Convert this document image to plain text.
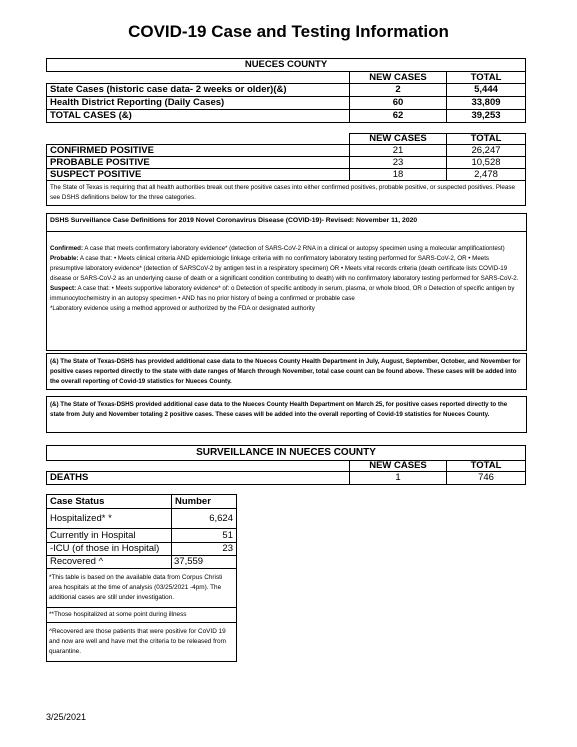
COVID-19 Case and Testing Information
NUECES COUNTY		
	NEW CASES	TOTAL
State Cases (historic case data- 2 weeks or older)(&)	2	5,444
Health District Reporting (Daily Cases)	60	33,809
TOTAL CASES (&)	62	39,253
	NEW CASES	TOTAL
CONFIRMED POSITIVE	21	26,247
PROBABLE POSITIVE	23	10,528
SUSPECT POSITIVE	18	2,478
The State of Texas is requiring that all health authorities break out there positive cases into either confirmed positives, probable positive, or suspected positives. Please see DSHS definitions below for the three categories.		
DSHS Surveillance Case Definitions for 2019 Novel Coronavirus Disease (COVID-19)- Revised: November 11, 2020
Confirmed: A case that meets confirmatory laboratory evidence* (detection of SARS-CoV-2 RNA in a clinical or autopsy specimen using a molecular amplificationtest)
Probable: A case that: • Meets clinical criteria AND epidemiologic linkage criteria with no confirmatory laboratory testing performed for SARS-CoV-2, OR • Meets presumptive laboratory evidence* (detection of SARSCoV-2 by antigen test in a respiratory specimen) OR • Meets vital records criteria (death certificate lists COVID-19 disease or SARS-CoV-2 as an underlying cause of death or a significant condition contributing to death) with no confirmatory laboratory testing performed for SARS-CoV-2.
Suspect: A case that: • Meets supportive laboratory evidence* of: o Detection of specific antibody in serum, plasma, or whole blood, OR o Detection of specific antigen by immunocytochemistry in an autopsy specimen • AND has no prior history of being a confirmed or probable case
*Laboratory evidence using a method approved or authorized by the FDA or designated authority
(&) The State of Texas-DSHS has provided additional case data to the Nueces County Health Department in July, August, September, October, and November for positive cases reported directly to the state with date ranges of March through November, total case count can be found above. These cases will be added into the overall reporting of Covid-19 statistics for Nueces County.
(&) The State of Texas-DSHS provided additional case data to the Nueces County Health Department on March 25, for positive cases reported directly to the state from July and November totaling 2 positive cases. These cases will be added into the overall reporting of Covid-19 statistics for Nueces County.
SURVEILLANCE IN NUECES COUNTY		
	NEW CASES	TOTAL
DEATHS	1	746
Case Status	Number
Hospitalized* *	6,624
Currently in Hospital	51
-ICU (of those in Hospital)	23
Recovered ^	37,559
*This table is based on the available data from Corpus Christi area hospitals at the time of analysis (03/25/2021 -4pm). The additional cases are still under investigation.	
**Those hospitalized at some point during illness	
^Recovered are those patients that were positive for CoVID 19 and now are well and have met the criteria to be released from quarantine.	
3/25/2021
